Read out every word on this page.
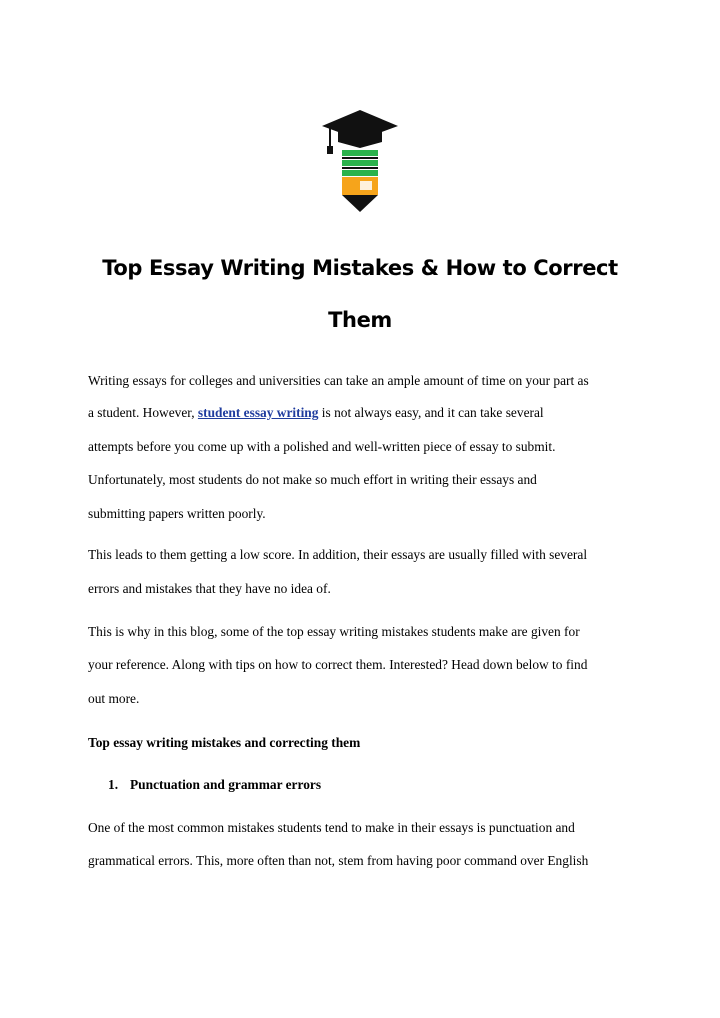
Top Essay Writing Mistakes & How to Correct
Them

Writing essays for colleges and universities can take an ample amount of time on your part as

a student. However, student essay writing is not always easy, and it can take several

attempts before you come up with a polished and well-written piece of essay to submit.

Unfortunately, most students do not make so much effort in writing their essays and

submitting papers written poorly.

This leads to them getting a low score. In addition, their essays are usually filled with several

errors and mistakes that they have no idea of.

This is why in this blog, some of the top essay writing mistakes students make are given for

your reference. Along with tips on how to correct them. Interested? Head down below to find

out more.

Top essay writing mistakes and correcting them

1. Punctuation and grammar errors

One of the most common mistakes students tend to make in their essays is punctuation and

grammatical errors. This, more often than not, stem from having poor command over English
